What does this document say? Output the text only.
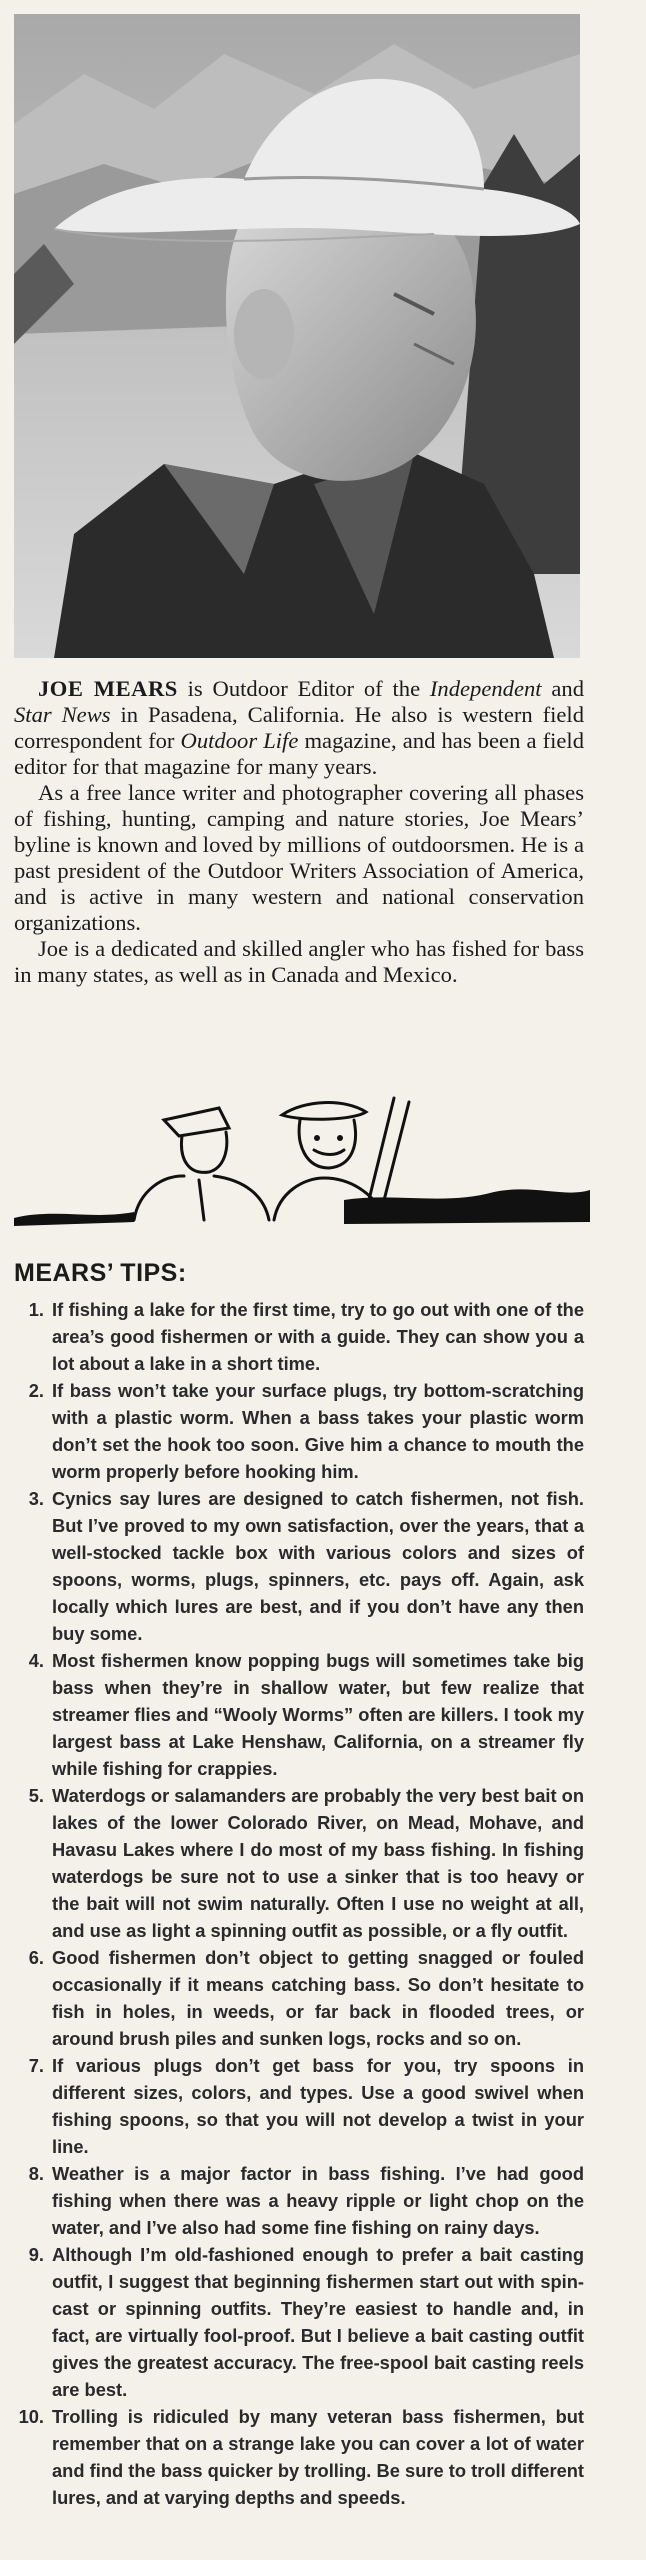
JOE MEARS is Outdoor Editor of the Independent and Star News in Pasadena, California. He also is western field correspondent for Outdoor Life magazine, and has been a field editor for that magazine for many years.

As a free lance writer and photographer covering all phases of fishing, hunting, camping and nature stories, Joe Mears’ byline is known and loved by millions of outdoorsmen. He is a past president of the Outdoor Writers Association of America, and is active in many western and national conservation organizations.

Joe is a dedicated and skilled angler who has fished for bass in many states, as well as in Canada and Mexico.

MEARS’ TIPS:
1. If fishing a lake for the first time, try to go out with one of the area’s good fishermen or with a guide. They can show you a lot about a lake in a short time.
2. If bass won’t take your surface plugs, try bottom-scratching with a plastic worm. When a bass takes your plastic worm don’t set the hook too soon. Give him a chance to mouth the worm properly before hooking him.
3. Cynics say lures are designed to catch fishermen, not fish. But I’ve proved to my own satisfaction, over the years, that a well-stocked tackle box with various colors and sizes of spoons, worms, plugs, spinners, etc. pays off. Again, ask locally which lures are best, and if you don’t have any then buy some.
4. Most fishermen know popping bugs will sometimes take big bass when they’re in shallow water, but few realize that streamer flies and “Wooly Worms” often are killers. I took my largest bass at Lake Henshaw, California, on a streamer fly while fishing for crappies.
5. Waterdogs or salamanders are probably the very best bait on lakes of the lower Colorado River, on Mead, Mohave, and Havasu Lakes where I do most of my bass fishing. In fishing waterdogs be sure not to use a sinker that is too heavy or the bait will not swim naturally. Often I use no weight at all, and use as light a spinning outfit as possible, or a fly outfit.
6. Good fishermen don’t object to getting snagged or fouled occasionally if it means catching bass. So don’t hesitate to fish in holes, in weeds, or far back in flooded trees, or around brush piles and sunken logs, rocks and so on.
7. If various plugs don’t get bass for you, try spoons in different sizes, colors, and types. Use a good swivel when fishing spoons, so that you will not develop a twist in your line.
8. Weather is a major factor in bass fishing. I’ve had good fishing when there was a heavy ripple or light chop on the water, and I’ve also had some fine fishing on rainy days.
9. Although I’m old-fashioned enough to prefer a bait casting outfit, I suggest that beginning fishermen start out with spin-cast or spinning outfits. They’re easiest to handle and, in fact, are virtually fool-proof. But I believe a bait casting outfit gives the greatest accuracy. The free-spool bait casting reels are best.
10. Trolling is ridiculed by many veteran bass fishermen, but remember that on a strange lake you can cover a lot of water and find the bass quicker by trolling. Be sure to troll different lures, and at varying depths and speeds.
